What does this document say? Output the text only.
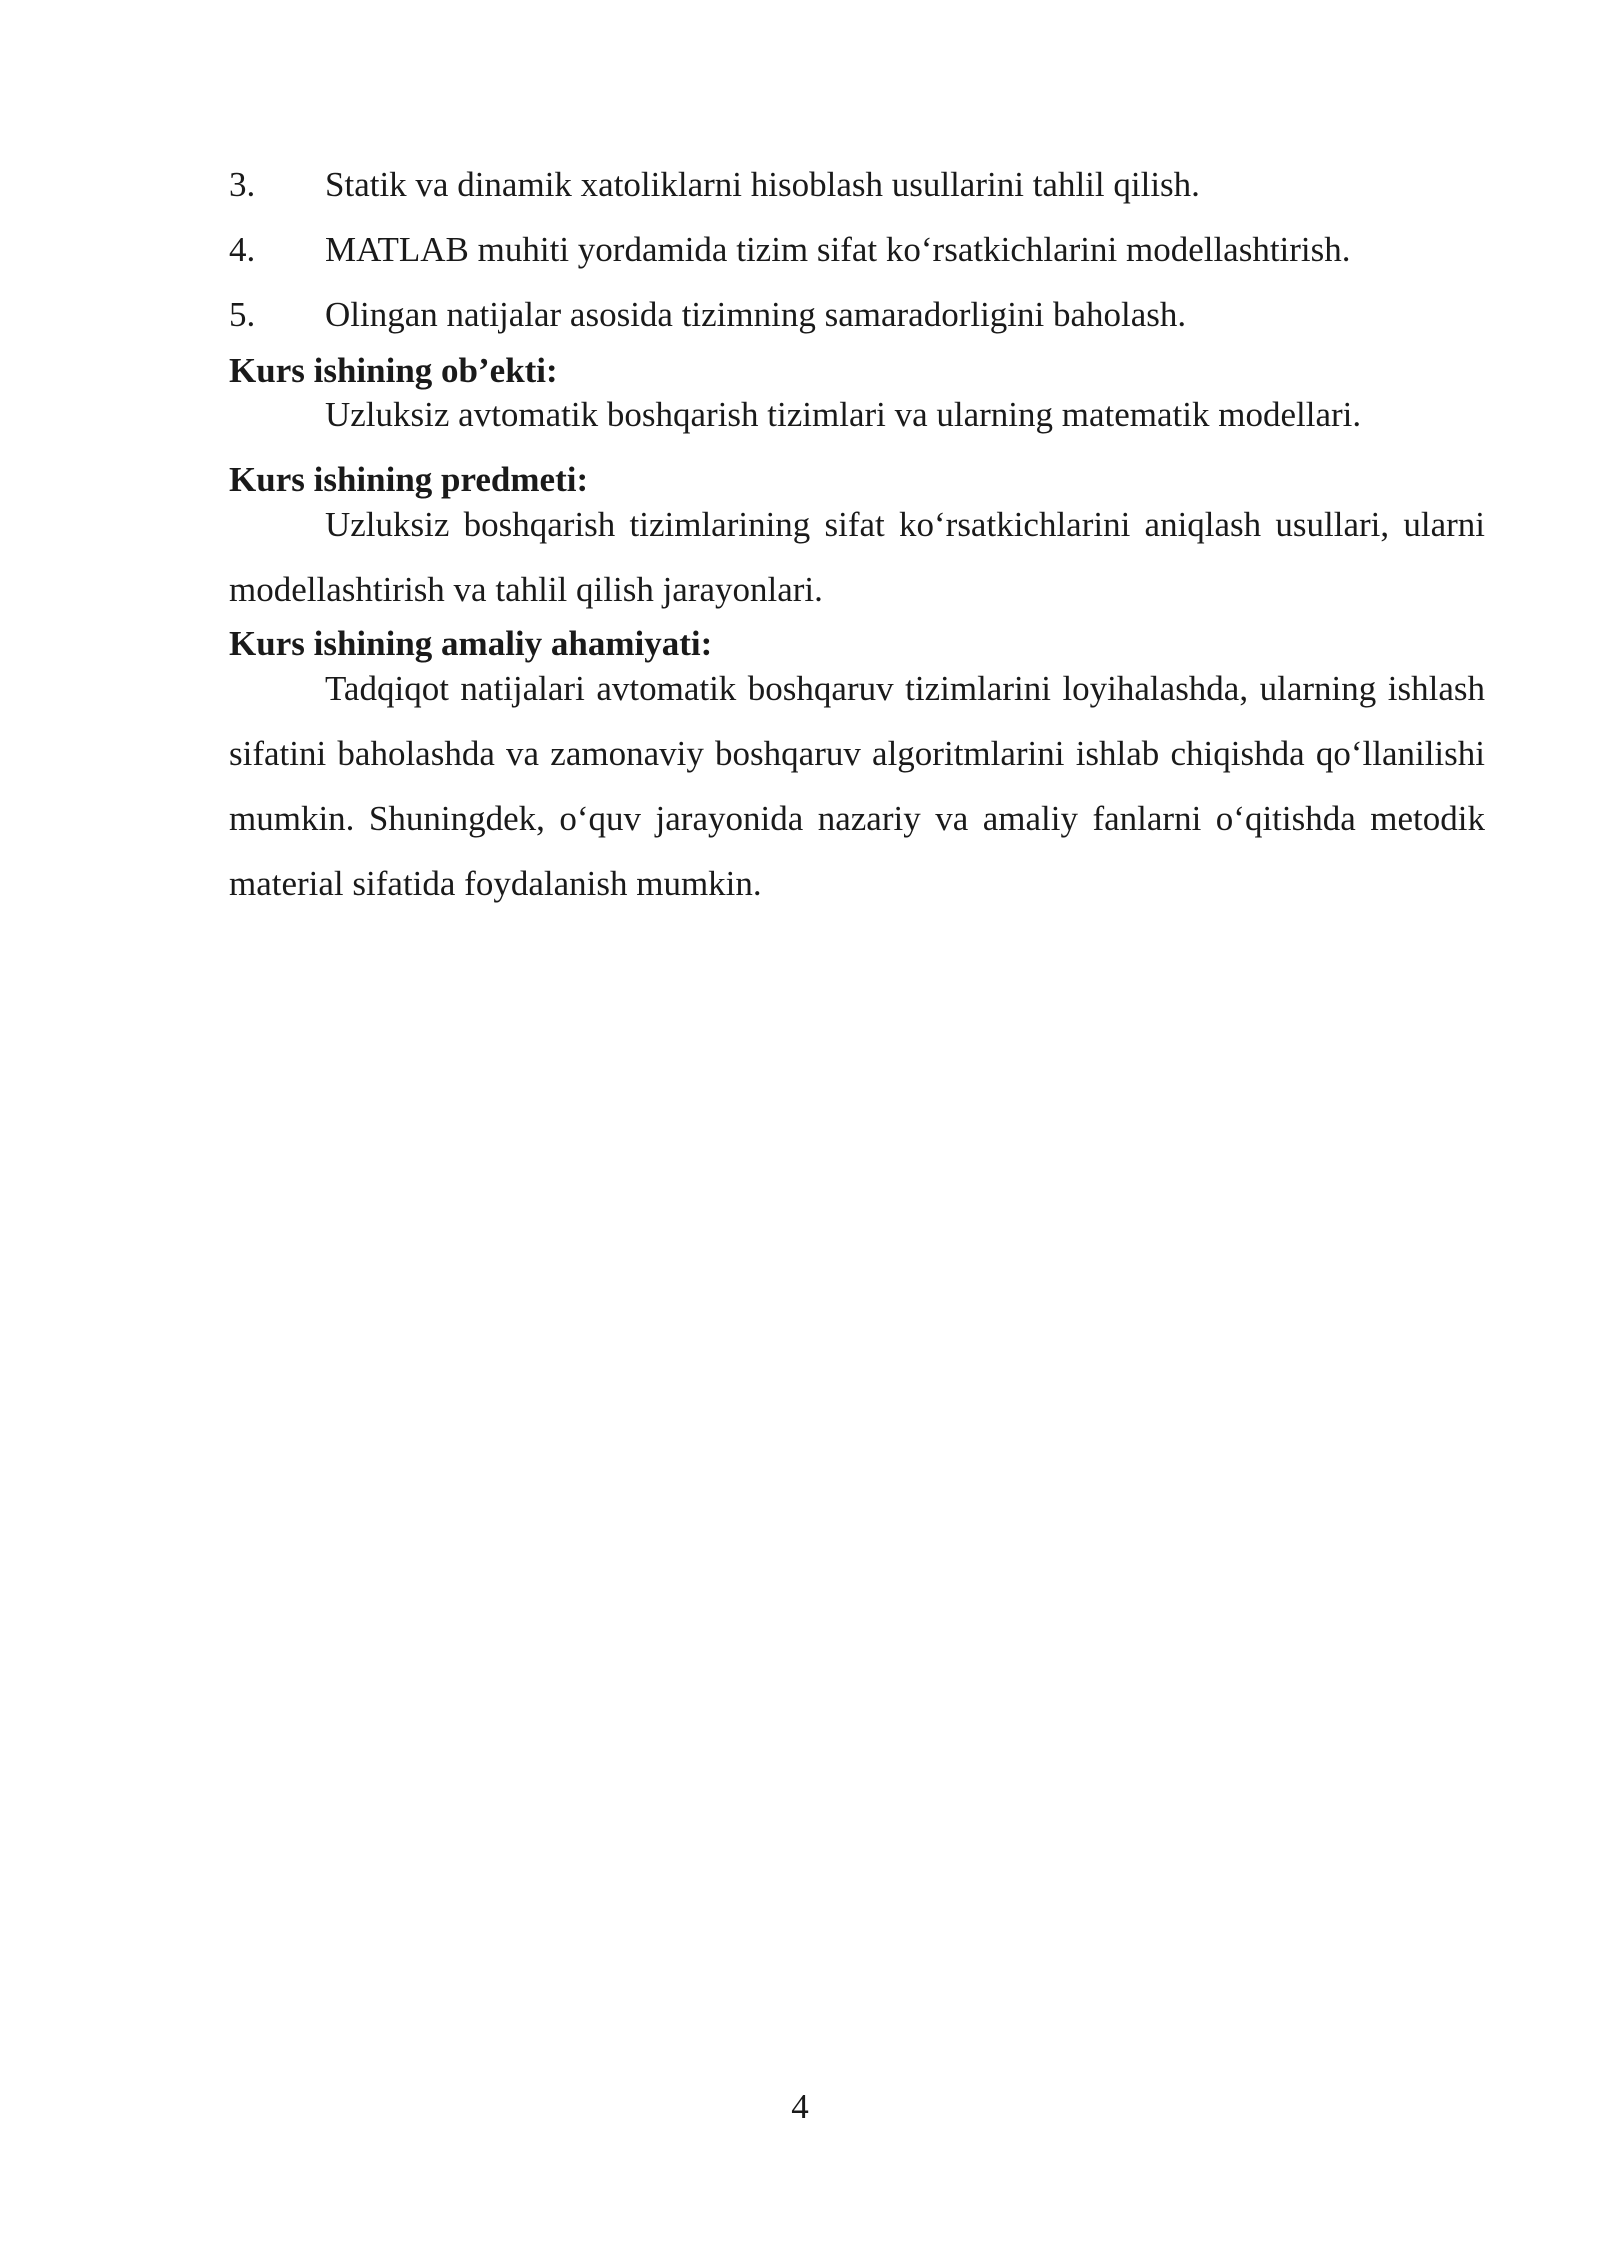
3.	Statik va dinamik xatoliklarni hisoblash usullarini tahlil qilish.
4.	MATLAB muhiti yordamida tizim sifat ko‘rsatkichlarini modellashtirish.
5.	Olingan natijalar asosida tizimning samaradorligini baholash.
Kurs ishining ob’ekti:
Uzluksiz avtomatik boshqarish tizimlari va ularning matematik modellari.
Kurs ishining predmeti:

Uzluksiz boshqarish tizimlarining sifat ko‘rsatkichlarini aniqlash usullari, ularni modellashtirish va tahlil qilish jarayonlari.

Kurs ishining amaliy ahamiyati:

Tadqiqot natijalari avtomatik boshqaruv tizimlarini loyihalashda, ularning ishlash sifatini baholashda va zamonaviy boshqaruv algoritmlarini ishlab chiqishda qo‘llanilishi mumkin. Shuningdek, o‘quv jarayonida nazariy va amaliy fanlarni o‘qitishda metodik material sifatida foydalanish mumkin.

4
